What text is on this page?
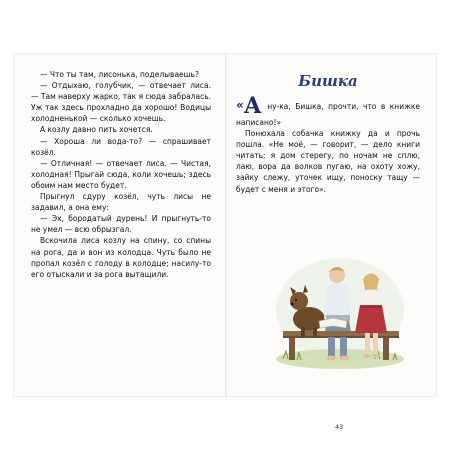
— Что ты там, лисонька, поделываешь?

— Отдыхаю, голубчик, — отвечает лиса. — Там наверху жарко, так я сюда забралась. Уж так здесь прохладно да хорошо! Водицы холодненькой — сколько хочешь.

А козлу давно пить хочется.

— Хороша ли вода-то? — спрашивает козёл.

— Отличная! — отвечает лиса. — Чистая, холодная! Прыгай сюда, коли хочешь; здесь обоим нам место будет.

Прыгнул сдуру козёл, чуть лисы не задавил, а она ему:

— Эх, бородатый дурень! И прыгнуть-то не умел — всю обрызгал.

Вскочила лиса козлу на спину, со спины на рога, да и вон из колодца. Чуть было не пропал козёл с голоду в колодце; насилу-то его отыскали и за рога вытащили.

Бишка

«А ну-ка, Бишка, прочти, что в книжке написано!»

Понюхала собачка книжку да и прочь пошла. «Не моё, — говорит, — дело книги читать; я дом стерегу, по ночам не сплю, лаю, вора да волков пугаю, на охоту хожу, зайку слежу, уточек ищу, поноску тащу — будет с меня и этого».

43
